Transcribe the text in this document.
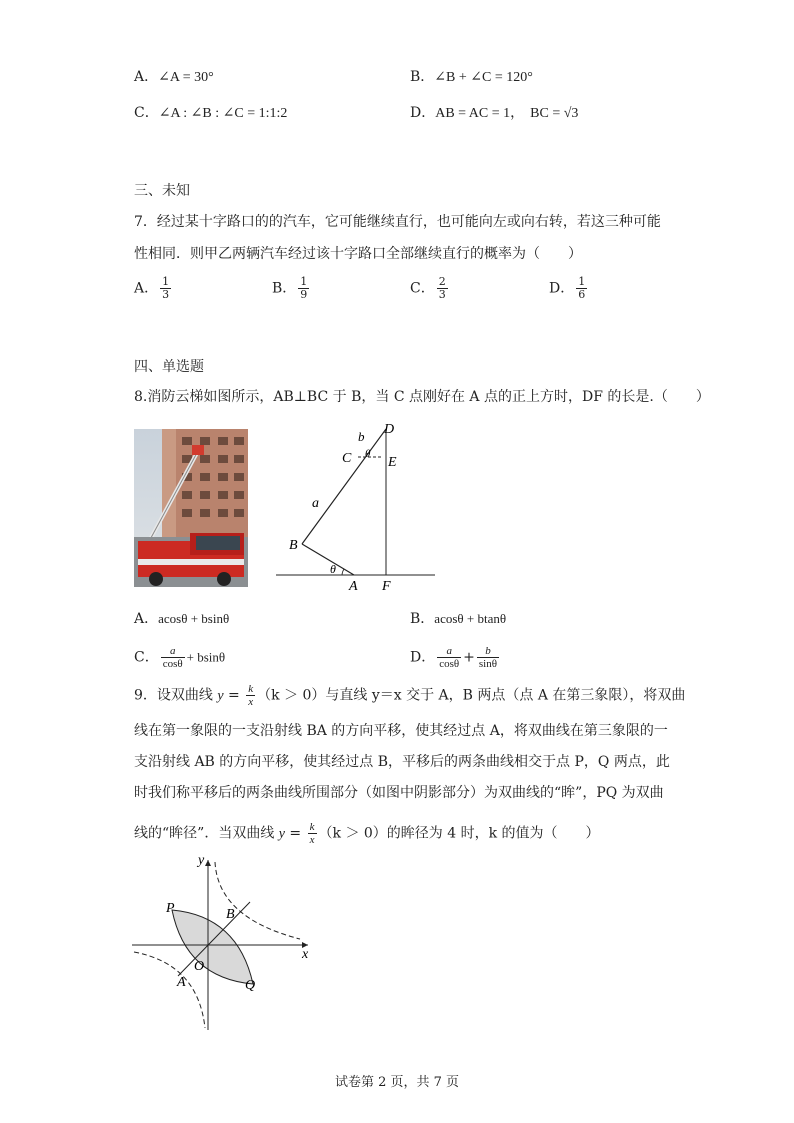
A．∠A = 30°	B．∠B + ∠C = 120°
C．∠A : ∠B : ∠C = 1:1:2	D．AB = AC = 1， BC = √3
三、未知
7．经过某十字路口的的汽车，它可能继续直行，也可能向左或向右转，若这三种可能
性相同．则甲乙两辆汽车经过该十字路口全部继续直行的概率为（　　）
A． $\frac{1}{3}$	B． $\frac{1}{9}$	C． $\frac{2}{3}$	D． $\frac{1}{6}$
四、单选题
8.消防云梯如图所示，AB⊥BC 于 B，当 C 点刚好在 A 点的正上方时，DF 的长是.（　　）
b D
C θ
E
a
B
θ
A F
A．acosθ + bsinθ	B．acosθ + btanθ
C． $\frac{a}{\cos\theta} + bsin\theta$	D． $\frac{a}{\cos\theta} + \frac{b}{\sin\theta}$
9．设双曲线 $y = \frac{k}{x} (k > 0)$与直线 y＝x 交于 A，B 两点（点 A 在第三象限），将双曲
线在第一象限的一支沿射线 BA 的方向平移，使其经过点 A，将双曲线在第三象限的一
支沿射线 AB 的方向平移，使其经过点 B，平移后的两条曲线相交于点 P，Q 两点，此
时我们称平移后的两条曲线所围部分（如图中阴影部分）为双曲线的“眸”，PQ 为双曲
线的“眸径”．当双曲线 $y = \frac{k}{x} (k > 0)$的眸径为 4 时，k 的值为（　　）
y
x
P	B
O
A	Q
试卷第 2 页，共 7 页
